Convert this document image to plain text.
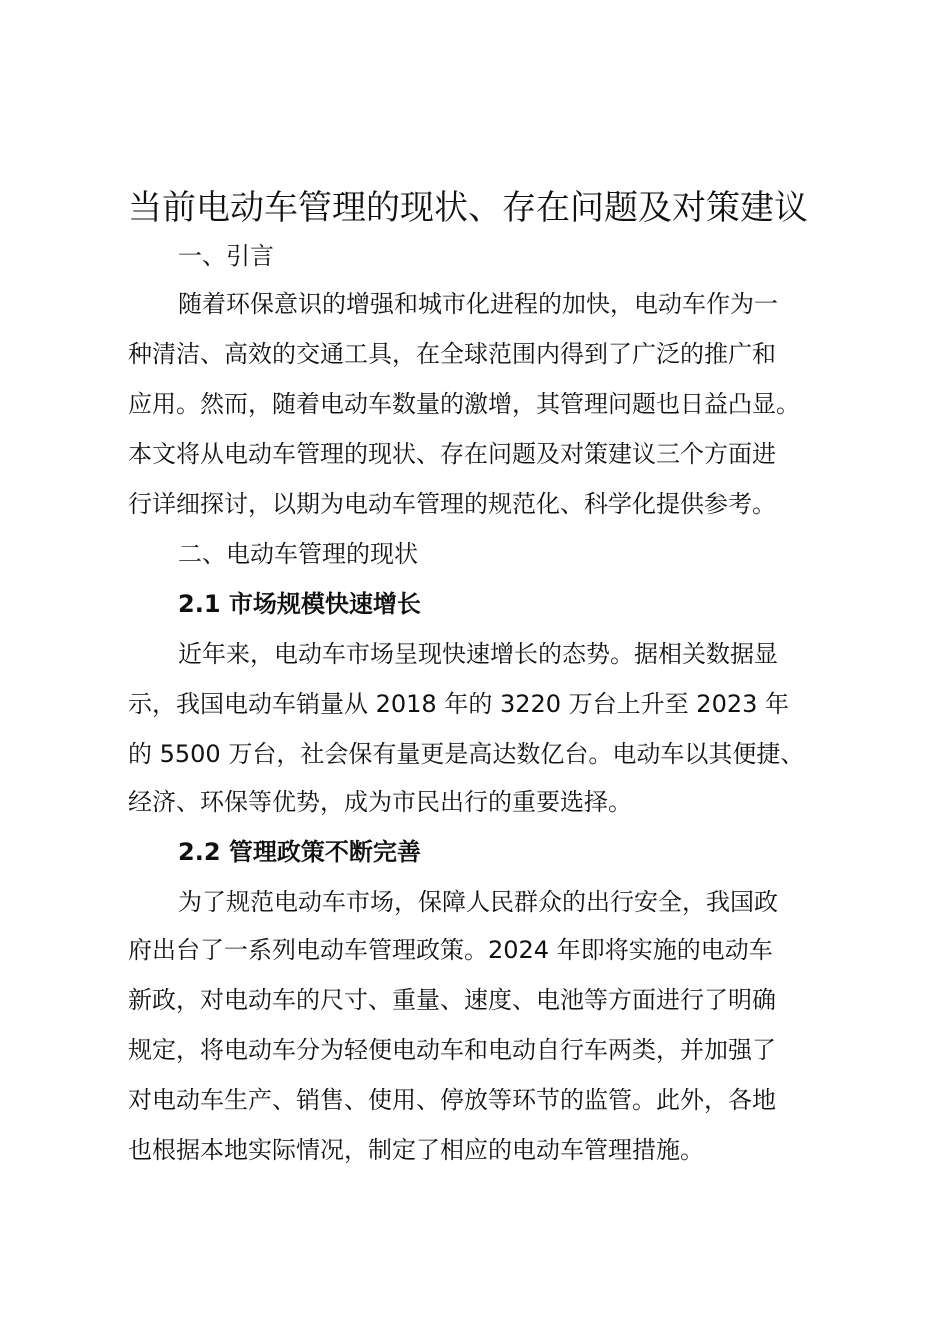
当前电动车管理的现状、存在问题及对策建议
一、引言
随着环保意识的增强和城市化进程的加快，电动车作为一
种清洁、高效的交通工具，在全球范围内得到了广泛的推广和
应用。然而，随着电动车数量的激增，其管理问题也日益凸显。
本文将从电动车管理的现状、存在问题及对策建议三个方面进
行详细探讨，以期为电动车管理的规范化、科学化提供参考。
二、电动车管理的现状
2.1 市场规模快速增长
近年来，电动车市场呈现快速增长的态势。据相关数据显
示，我国电动车销量从 2018 年的 3220 万台上升至 2023 年
的 5500 万台，社会保有量更是高达数亿台。电动车以其便捷、
经济、环保等优势，成为市民出行的重要选择。
2.2 管理政策不断完善
为了规范电动车市场，保障人民群众的出行安全，我国政
府出台了一系列电动车管理政策。2024 年即将实施的电动车
新政，对电动车的尺寸、重量、速度、电池等方面进行了明确
规定，将电动车分为轻便电动车和电动自行车两类，并加强了
对电动车生产、销售、使用、停放等环节的监管。此外，各地
也根据本地实际情况，制定了相应的电动车管理措施。
